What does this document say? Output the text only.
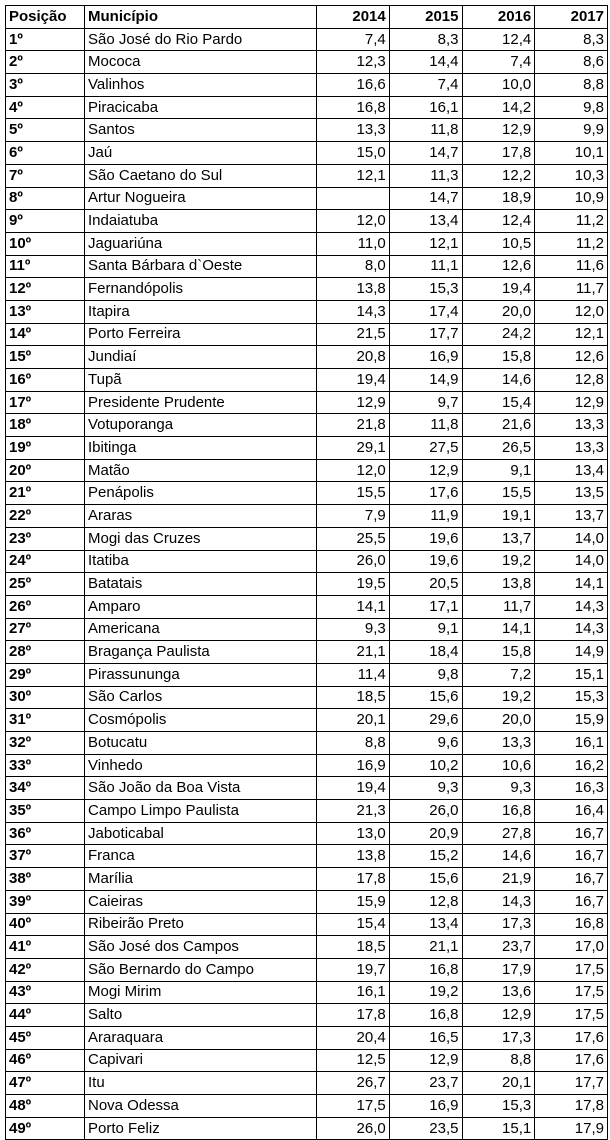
Posição	Município	2014	2015	2016	2017
1º	São José do Rio Pardo	7,4	8,3	12,4	8,3
2º	Mococa	12,3	14,4	7,4	8,6
3º	Valinhos	16,6	7,4	10,0	8,8
4º	Piracicaba	16,8	16,1	14,2	9,8
5º	Santos	13,3	11,8	12,9	9,9
6º	Jaú	15,0	14,7	17,8	10,1
7º	São Caetano do Sul	12,1	11,3	12,2	10,3
8º	Artur Nogueira		14,7	18,9	10,9
9º	Indaiatuba	12,0	13,4	12,4	11,2
10º	Jaguariúna	11,0	12,1	10,5	11,2
11º	Santa Bárbara d`Oeste	8,0	11,1	12,6	11,6
12º	Fernandópolis	13,8	15,3	19,4	11,7
13º	Itapira	14,3	17,4	20,0	12,0
14º	Porto Ferreira	21,5	17,7	24,2	12,1
15º	Jundiaí	20,8	16,9	15,8	12,6
16º	Tupã	19,4	14,9	14,6	12,8
17º	Presidente Prudente	12,9	9,7	15,4	12,9
18º	Votuporanga	21,8	11,8	21,6	13,3
19º	Ibitinga	29,1	27,5	26,5	13,3
20º	Matão	12,0	12,9	9,1	13,4
21º	Penápolis	15,5	17,6	15,5	13,5
22º	Araras	7,9	11,9	19,1	13,7
23º	Mogi das Cruzes	25,5	19,6	13,7	14,0
24º	Itatiba	26,0	19,6	19,2	14,0
25º	Batatais	19,5	20,5	13,8	14,1
26º	Amparo	14,1	17,1	11,7	14,3
27º	Americana	9,3	9,1	14,1	14,3
28º	Bragança Paulista	21,1	18,4	15,8	14,9
29º	Pirassununga	11,4	9,8	7,2	15,1
30º	São Carlos	18,5	15,6	19,2	15,3
31º	Cosmópolis	20,1	29,6	20,0	15,9
32º	Botucatu	8,8	9,6	13,3	16,1
33º	Vinhedo	16,9	10,2	10,6	16,2
34º	São João da Boa Vista	19,4	9,3	9,3	16,3
35º	Campo Limpo Paulista	21,3	26,0	16,8	16,4
36º	Jaboticabal	13,0	20,9	27,8	16,7
37º	Franca	13,8	15,2	14,6	16,7
38º	Marília	17,8	15,6	21,9	16,7
39º	Caieiras	15,9	12,8	14,3	16,7
40º	Ribeirão Preto	15,4	13,4	17,3	16,8
41º	São José dos Campos	18,5	21,1	23,7	17,0
42º	São Bernardo do Campo	19,7	16,8	17,9	17,5
43º	Mogi Mirim	16,1	19,2	13,6	17,5
44º	Salto	17,8	16,8	12,9	17,5
45º	Araraquara	20,4	16,5	17,3	17,6
46º	Capivari	12,5	12,9	8,8	17,6
47º	Itu	26,7	23,7	20,1	17,7
48º	Nova Odessa	17,5	16,9	15,3	17,8
49º	Porto Feliz	26,0	23,5	15,1	17,9
